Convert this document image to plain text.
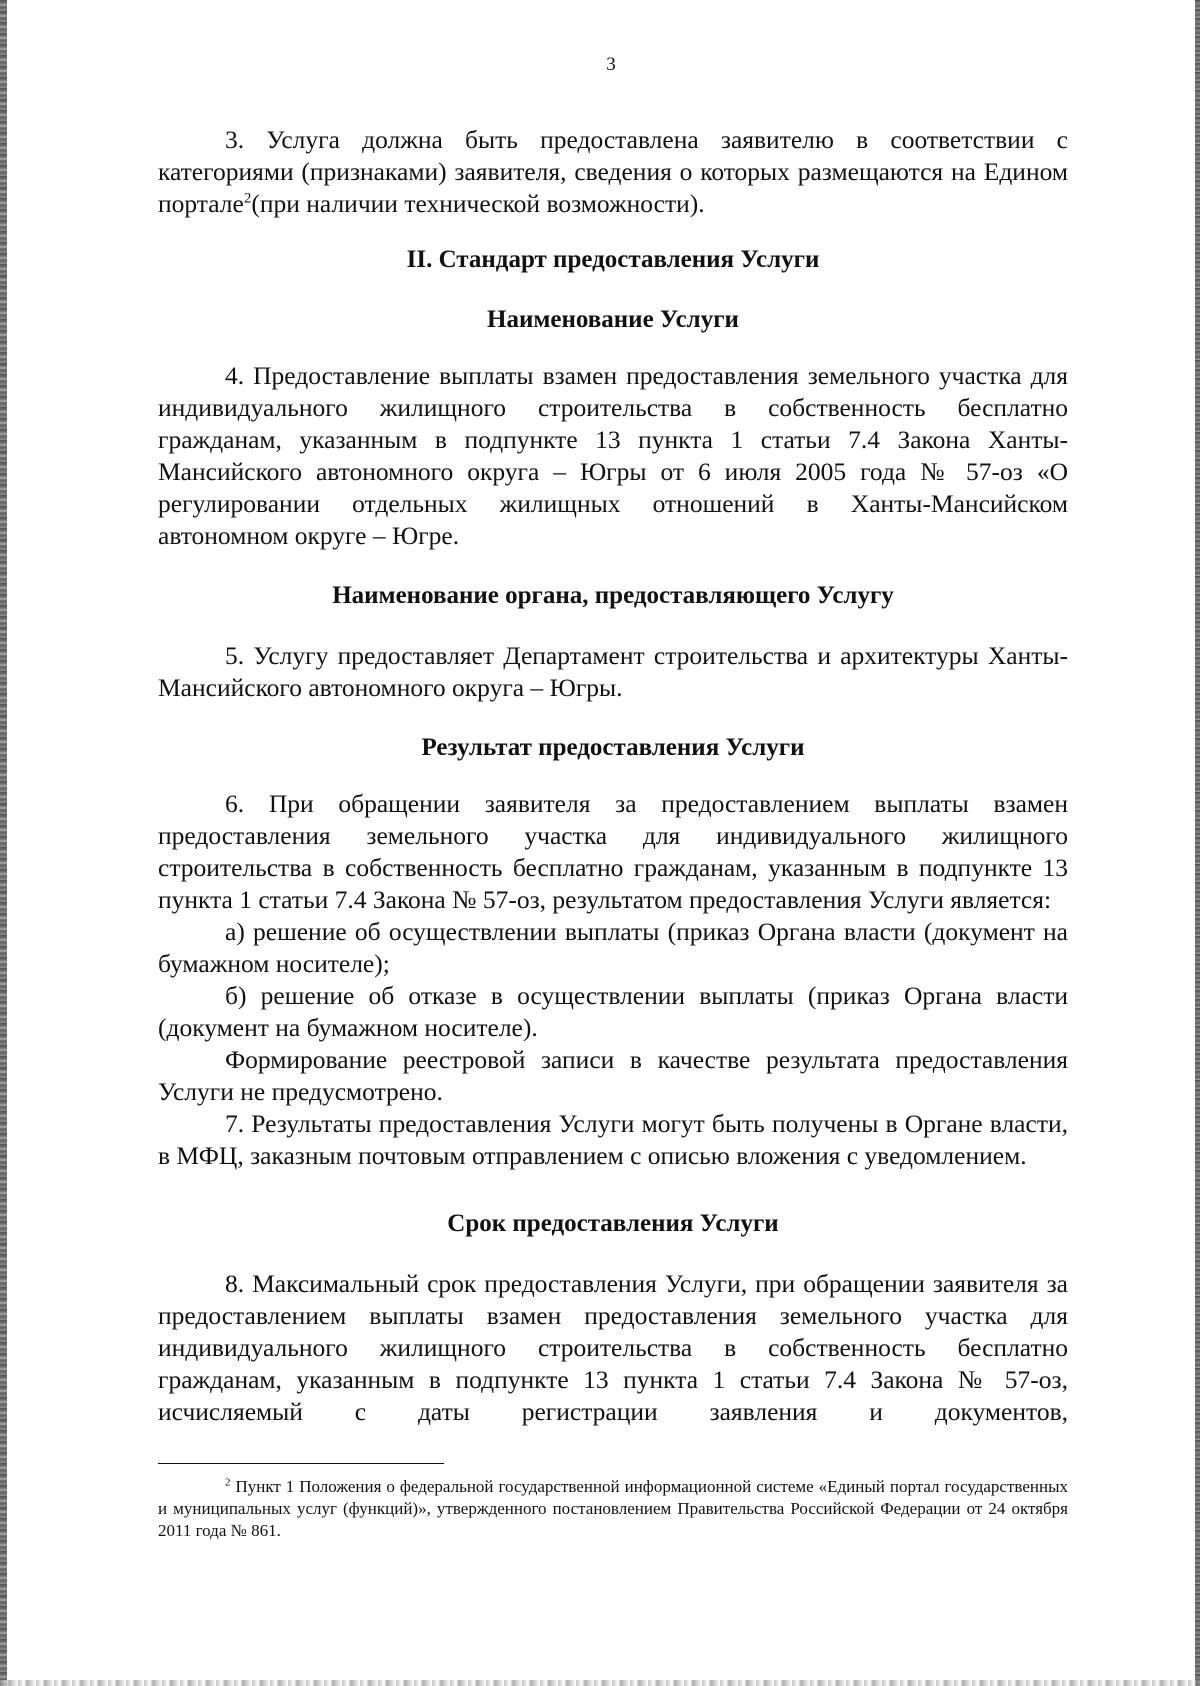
3

3. Услуга должна быть предоставлена заявителю в соответствии с категориями (признаками) заявителя, сведения о которых размещаются на Едином портале$^2$(при наличии технической возможности).

II. Стандарт предоставления Услуги
Наименование Услуги

4. Предоставление выплаты взамен предоставления земельного участка для индивидуального жилищного строительства в собственность бесплатно гражданам, указанным в подпункте 13 пункта 1 статьи 7.4 Закона Ханты-Мансийского автономного округа – Югры от 6 июля 2005 года № 57-оз «О регулировании отдельных жилищных отношений в Ханты-Мансийском автономном округе – Югре.

Наименование органа, предоставляющего Услугу

5. Услугу предоставляет Департамент строительства и архитектуры Ханты-Мансийского автономного округа – Югры.

Результат предоставления Услуги

6. При обращении заявителя за предоставлением выплаты взамен предоставления земельного участка для индивидуального жилищного строительства в собственность бесплатно гражданам, указанным в подпункте 13 пункта 1 статьи 7.4 Закона № 57-оз, результатом предоставления Услуги является:

а) решение об осуществлении выплаты (приказ Органа власти (документ на бумажном носителе);

б) решение об отказе в осуществлении выплаты (приказ Органа власти (документ на бумажном носителе).

Формирование реестровой записи в качестве результата предоставления Услуги не предусмотрено.

7. Результаты предоставления Услуги могут быть получены в Органе власти, в МФЦ, заказным почтовым отправлением с описью вложения с уведомлением.

Срок предоставления Услуги

8. Максимальный срок предоставления Услуги, при обращении заявителя за предоставлением выплаты взамен предоставления земельного участка для индивидуального жилищного строительства в собственность бесплатно гражданам, указанным в подпункте 13 пункта 1 статьи 7.4 Закона № 57-оз, исчисляемый с даты регистрации заявления и документов,

$^2$ Пункт 1 Положения о федеральной государственной информационной системе «Единый портал государственных и муниципальных услуг (функций)», утвержденного постановлением Правительства Российской Федерации от 24 октября 2011 года № 861.
